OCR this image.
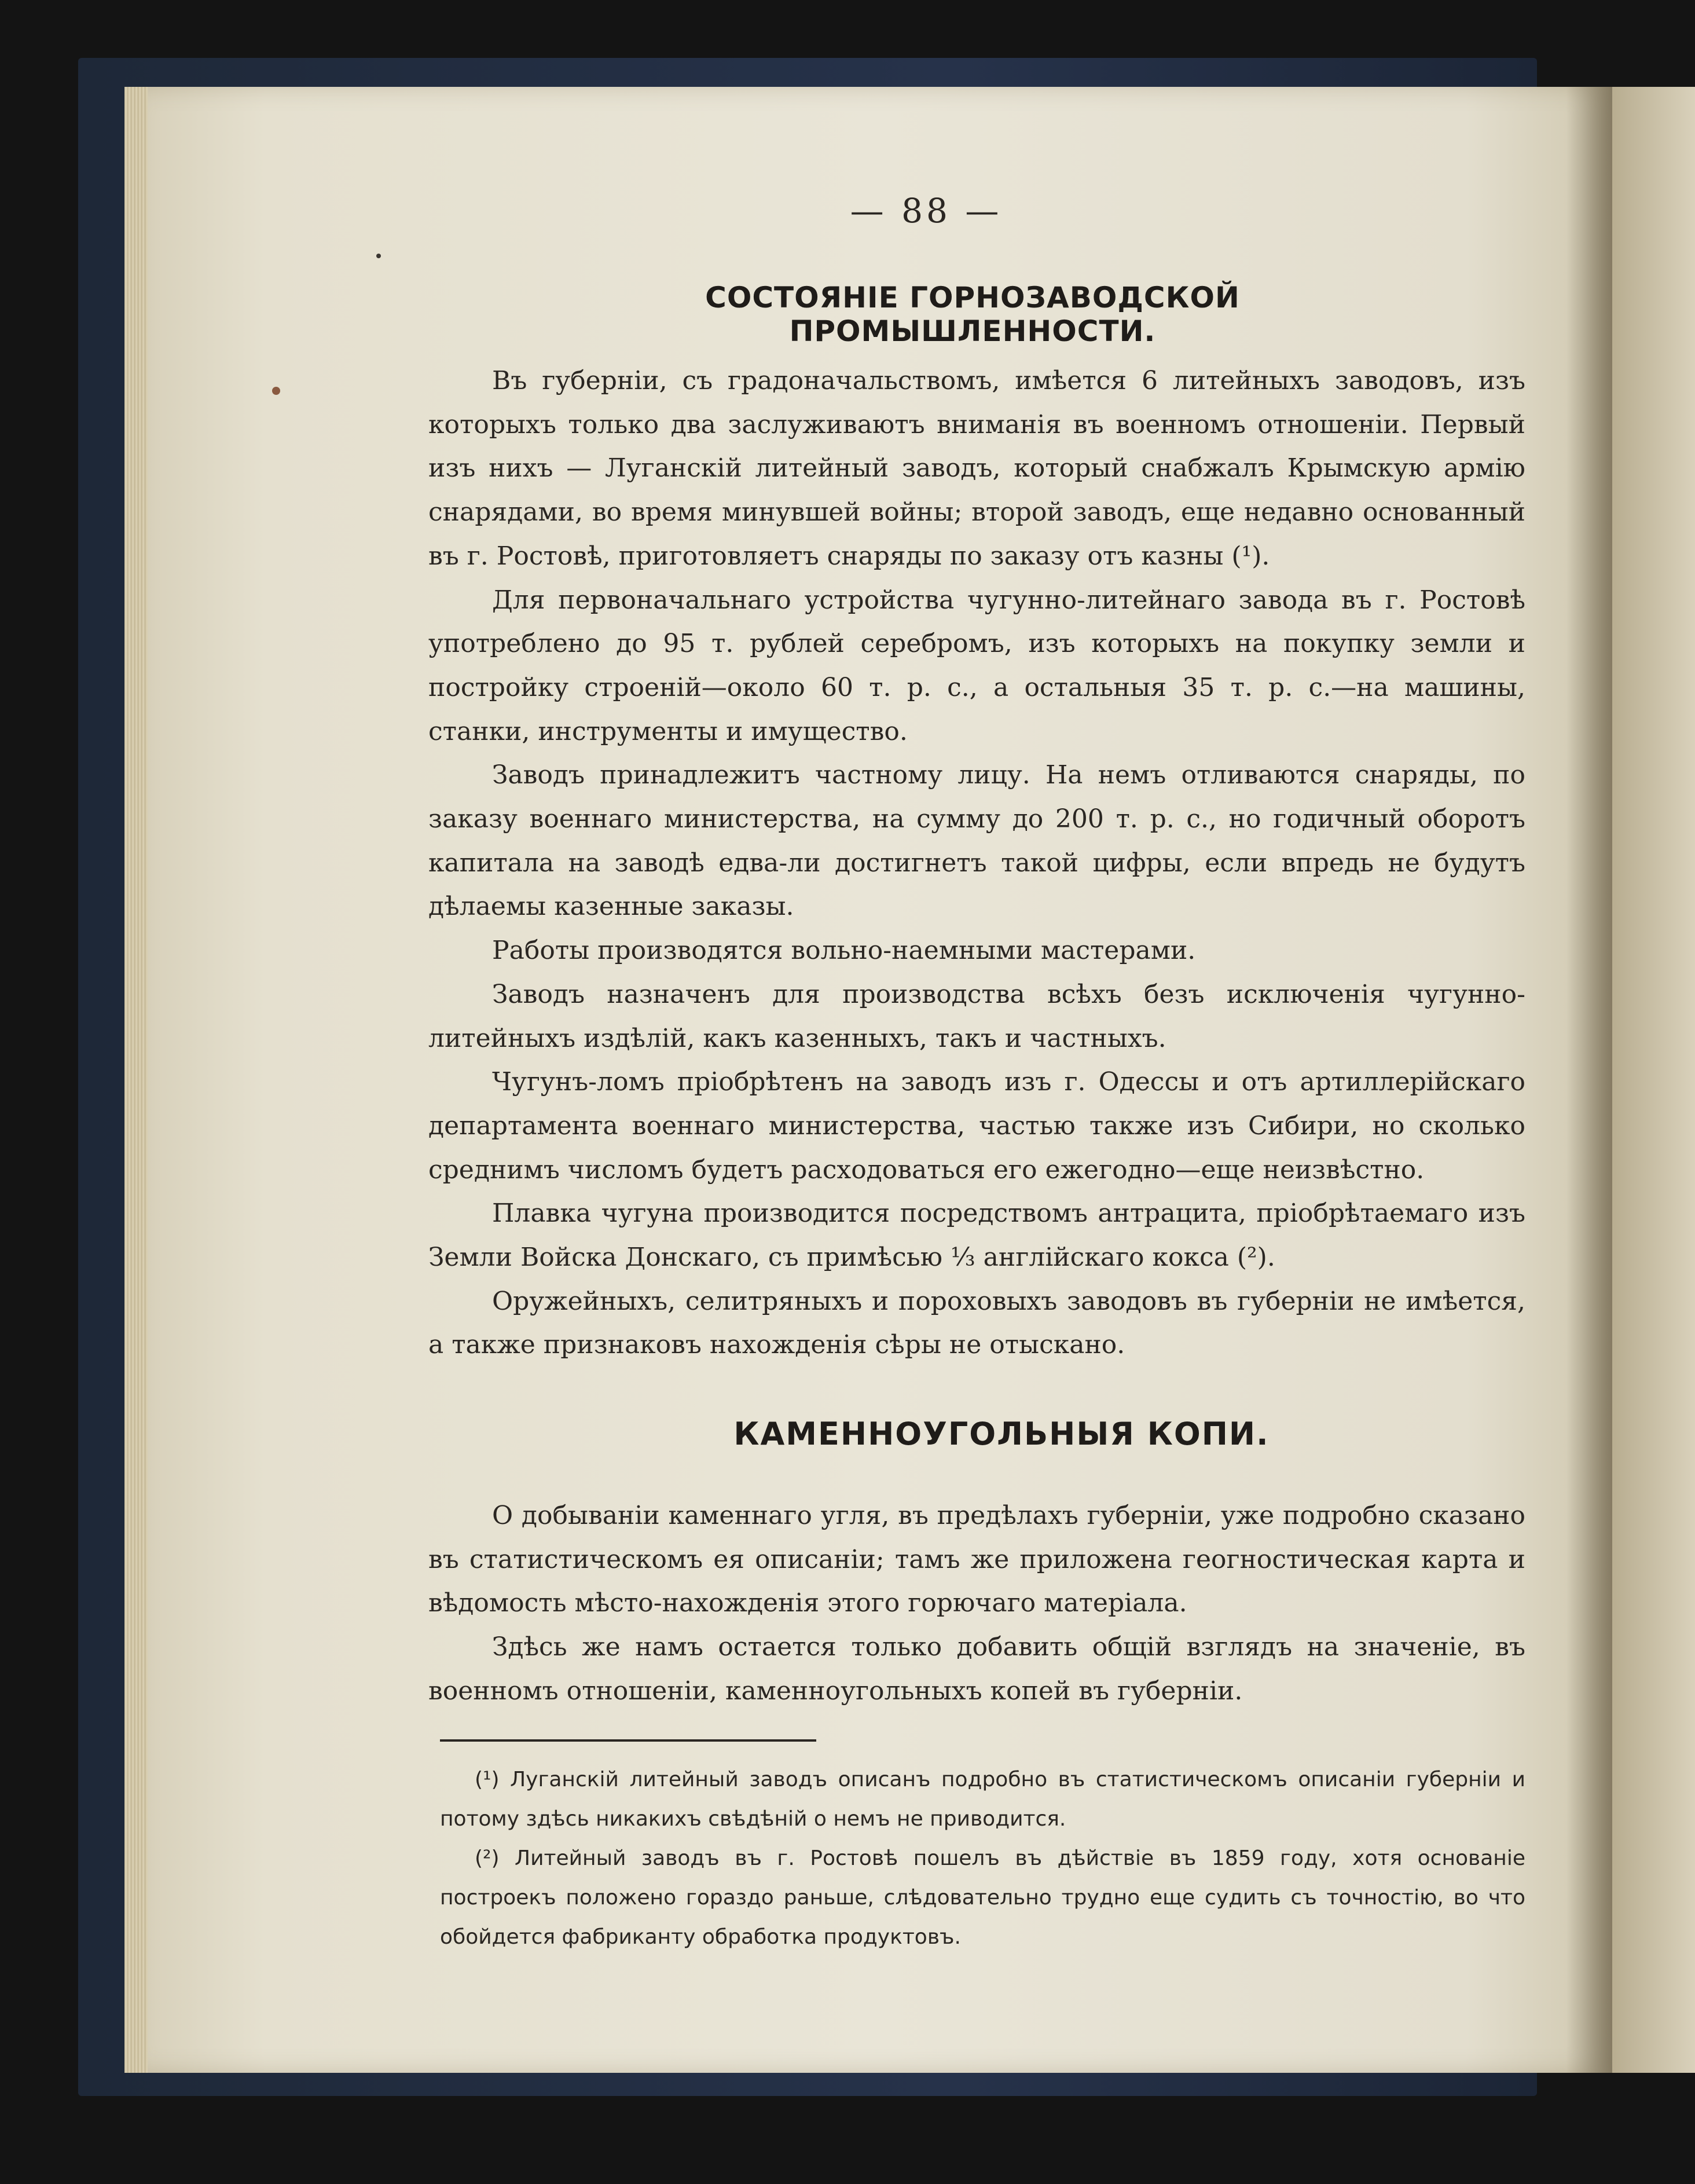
— 88 —
СОСТОЯНІЕ ГОРНОЗАВОДСКОЙ ПРОМЫШЛЕННОСТИ.

Въ губерніи, съ градоначальствомъ, имѣется 6 литейныхъ заводовъ, изъ которыхъ только два заслуживаютъ вниманія въ военномъ отношеніи. Первый изъ нихъ — Луганскій литейный заводъ, который снабжалъ Крымскую армію снарядами, во время минувшей войны; второй заводъ, еще недавно основанный въ г. Ростовѣ, приготовляетъ снаряды по заказу отъ казны (¹).

Для первоначальнаго устройства чугунно-литейнаго завода въ г. Ростовѣ употреблено до 95 т. рублей серебромъ, изъ которыхъ на покупку земли и постройку строеній—около 60 т. р. с., а остальныя 35 т. р. с.—на машины, станки, инструменты и имущество.

Заводъ принадлежитъ частному лицу. На немъ отливаются снаряды, по заказу военнаго министерства, на сумму до 200 т. р. с., но годичный оборотъ капитала на заводѣ едва-ли достигнетъ такой цифры, если впредь не будутъ дѣлаемы казенные заказы.

Работы производятся вольно-наемными мастерами.

Заводъ назначенъ для производства всѣхъ безъ исключенія чугунно-литейныхъ издѣлій, какъ казенныхъ, такъ и частныхъ.

Чугунъ-ломъ пріобрѣтенъ на заводъ изъ г. Одессы и отъ артиллерійскаго департамента военнаго министерства, частью также изъ Сибири, но сколько среднимъ числомъ будетъ расходоваться его ежегодно—еще неизвѣстно.

Плавка чугуна производится посредствомъ антрацита, пріобрѣтаемаго изъ Земли Войска Донскаго, съ примѣсью ⅓ англійскаго кокса (²).

Оружейныхъ, селитряныхъ и пороховыхъ заводовъ въ губерніи не имѣется, а также признаковъ нахожденія сѣры не отыскано.

КАМЕННОУГОЛЬНЫЯ КОПИ.

О добываніи каменнаго угля, въ предѣлахъ губерніи, уже подробно сказано въ статистическомъ ея описаніи; тамъ же приложена геогностическая карта и вѣдомость мѣсто-нахожденія этого горючаго матеріала.

Здѣсь же намъ остается только добавить общій взглядъ на значеніе, въ военномъ отношеніи, каменноугольныхъ копей въ губерніи.

(¹) Луганскій литейный заводъ описанъ подробно въ статистическомъ описаніи губерніи и потому здѣсь никакихъ свѣдѣній о немъ не приводится.

(²) Литейный заводъ въ г. Ростовѣ пошелъ въ дѣйствіе въ 1859 году, хотя основаніе построекъ положено гораздо раньше, слѣдовательно трудно еще судить съ точностію, во что обойдется фабриканту обработка продуктовъ.
